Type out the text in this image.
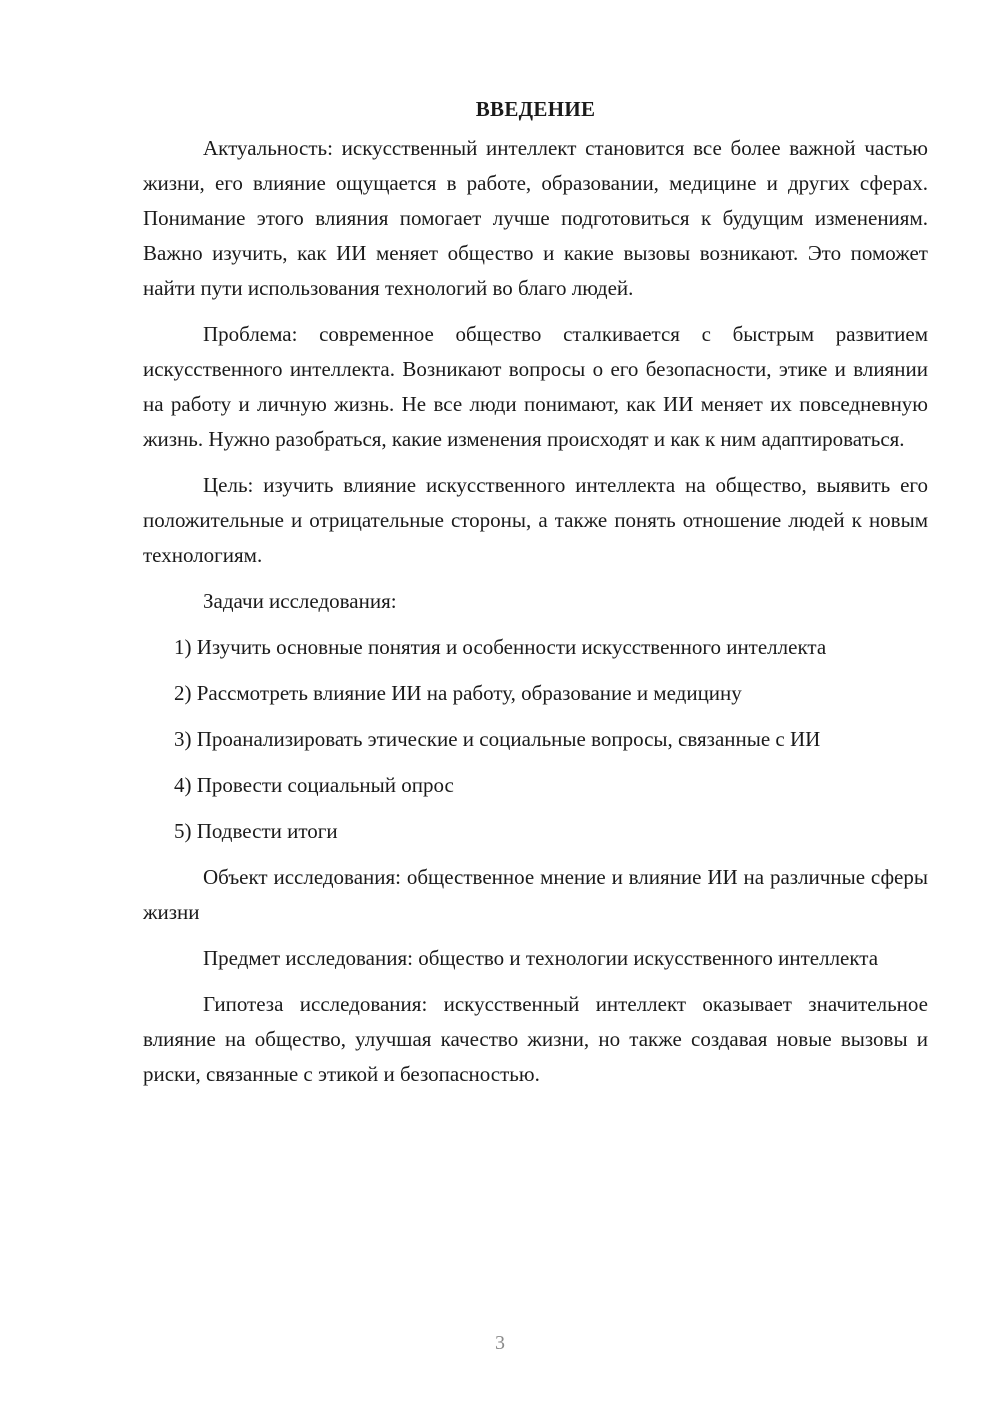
ВВЕДЕНИЕ

Актуальность: искусственный интеллект становится все более важной частью жизни, его влияние ощущается в работе, образовании, медицине и других сферах. Понимание этого влияния помогает лучше подготовиться к будущим изменениям. Важно изучить, как ИИ меняет общество и какие вызовы возникают. Это поможет найти пути использования технологий во благо людей.

Проблема: современное общество сталкивается с быстрым развитием искусственного интеллекта. Возникают вопросы о его безопасности, этике и влиянии на работу и личную жизнь. Не все люди понимают, как ИИ меняет их повседневную жизнь. Нужно разобраться, какие изменения происходят и как к ним адаптироваться.

Цель: изучить влияние искусственного интеллекта на общество, выявить его положительные и отрицательные стороны, а также понять отношение людей к новым технологиям.

Задачи исследования:

1) Изучить основные понятия и особенности искусственного интеллекта

2) Рассмотреть влияние ИИ на работу, образование и медицину

3) Проанализировать этические и социальные вопросы, связанные с ИИ

4) Провести социальный опрос

5) Подвести итоги

Объект исследования: общественное мнение и влияние ИИ на различные сферы жизни

Предмет исследования: общество и технологии искусственного интеллекта

Гипотеза исследования: искусственный интеллект оказывает значительное влияние на общество, улучшая качество жизни, но также создавая новые вызовы и риски, связанные с этикой и безопасностью.

3
